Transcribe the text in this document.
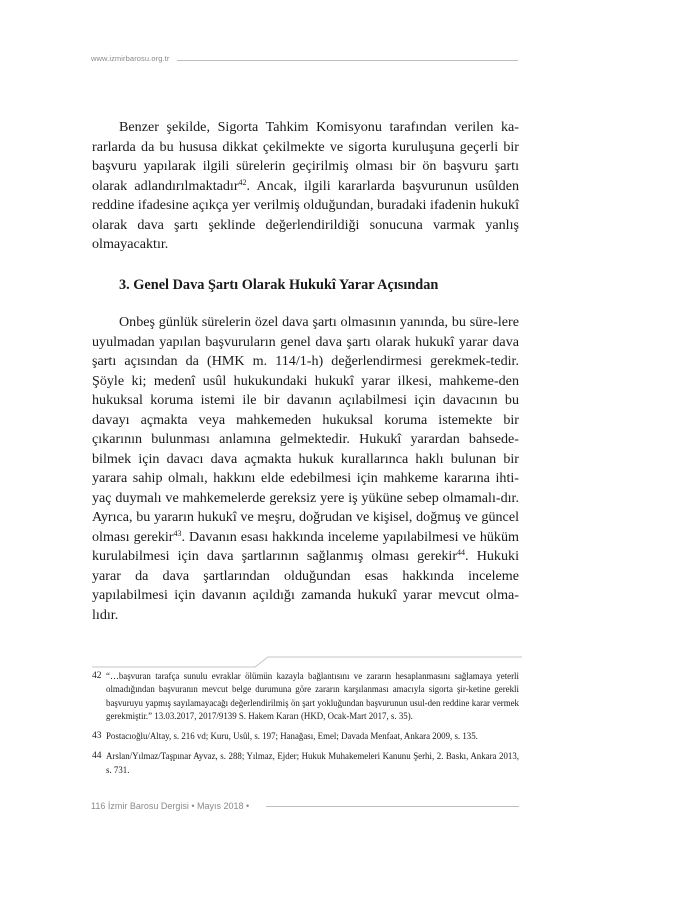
www.izmirbarosu.org.tr

Benzer şekilde, Sigorta Tahkim Komisyonu tarafından verilen ka-rarlarda da bu hususa dikkat çekilmekte ve sigorta kuruluşuna geçerli bir başvuru yapılarak ilgili sürelerin geçirilmiş olması bir ön başvuru şartı olarak adlandırılmaktadır$^{42}$. Ancak, ilgili kararlarda başvurunun usûlden reddine ifadesine açıkça yer verilmiş olduğundan, buradaki ifadenin hukukî olarak dava şartı şeklinde değerlendirildiği sonucuna varmak yanlış olmayacaktır.

3. Genel Dava Şartı Olarak Hukukî Yarar Açısından

Onbeş günlük sürelerin özel dava şartı olmasının yanında, bu süre-lere uyulmadan yapılan başvuruların genel dava şartı olarak hukukî yarar dava şartı açısından da (HMK m. 114/1-h) değerlendirmesi gerekmek-tedir. Şöyle ki; medenî usûl hukukundaki hukukî yarar ilkesi, mahkeme-den hukuksal koruma istemi ile bir davanın açılabilmesi için davacının bu davayı açmakta veya mahkemeden hukuksal koruma istemekte bir çıkarının bulunması anlamına gelmektedir. Hukukî yarardan bahsede-bilmek için davacı dava açmakta hukuk kurallarınca haklı bulunan bir yarara sahip olmalı, hakkını elde edebilmesi için mahkeme kararına ihti-yaç duymalı ve mahkemelerde gereksiz yere iş yüküne sebep olmamalı-dır. Ayrıca, bu yararın hukukî ve meşru, doğrudan ve kişisel, doğmuş ve güncel olması gerekir$^{43}$. Davanın esası hakkında inceleme yapılabilmesi ve hüküm kurulabilmesi için dava şartlarının sağlanmış olması gerekir$^{44}$. Hukuki yarar da dava şartlarından olduğundan esas hakkında inceleme yapılabilmesi için davanın açıldığı zamanda hukukî yarar mevcut olma-lıdır.

42 “…başvuran tarafça sunulu evraklar ölümün kazayla bağlantısını ve zararın hesaplanmasını sağlamaya yeterli olmadığından başvuranın mevcut belge durumuna göre zararın karşılanması amacıyla sigorta şir-ketine gerekli başvuruyu yapmış sayılamayacağı değerlendirilmiş ön şart yokluğundan başvurunun usul-den reddine karar vermek gerekmiştir.” 13.03.2017, 2017/9139 S. Hakem Kararı (HKD, Ocak-Mart 2017, s. 35).
43 Postacıoğlu/Altay, s. 216 vd; Kuru, Usûl, s. 197; Hanağası, Emel; Davada Menfaat, Ankara 2009, s. 135.
44 Arslan/Yılmaz/Taşpınar Ayvaz, s. 288; Yılmaz, Ejder; Hukuk Muhakemeleri Kanunu Şerhi, 2. Baskı, Ankara 2013, s. 731.
116 İzmir Barosu Dergisi • Mayıs 2018 •
